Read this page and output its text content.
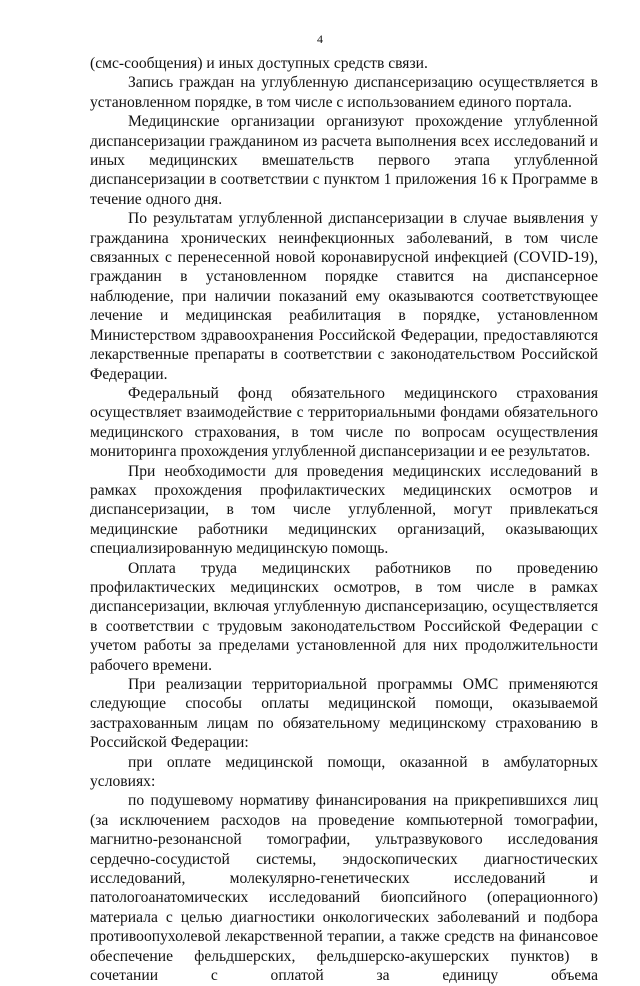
4

(смс-сообщения) и иных доступных средств связи.

Запись граждан на углубленную диспансеризацию осуществляется в установленном порядке, в том числе с использованием единого портала.

Медицинские организации организуют прохождение углубленной диспансеризации гражданином из расчета выполнения всех исследований и иных медицинских вмешательств первого этапа углубленной диспансеризации в соответствии с пунктом 1 приложения 16 к Программе в течение одного дня.

По результатам углубленной диспансеризации в случае выявления у гражданина хронических неинфекционных заболеваний, в том числе связанных с перенесенной новой коронавирусной инфекцией (COVID-19), гражданин в установленном порядке ставится на диспансерное наблюдение, при наличии показаний ему оказываются соответствующее лечение и медицинская реабилитация в порядке, установленном Министерством здравоохранения Российской Федерации, предоставляются лекарственные препараты в соответствии с законодательством Российской Федерации.

Федеральный фонд обязательного медицинского страхования осуществляет взаимодействие с территориальными фондами обязательного медицинского страхования, в том числе по вопросам осуществления мониторинга прохождения углубленной диспансеризации и ее результатов.

При необходимости для проведения медицинских исследований в рамках прохождения профилактических медицинских осмотров и диспансеризации, в том числе углубленной, могут привлекаться медицинские работники медицинских организаций, оказывающих специализированную медицинскую помощь.

Оплата труда медицинских работников по проведению профилактических медицинских осмотров, в том числе в рамках диспансеризации, включая углубленную диспансеризацию, осуществляется в соответствии с трудовым законодательством Российской Федерации с учетом работы за пределами установленной для них продолжительности рабочего времени.

При реализации территориальной программы ОМС применяются следующие способы оплаты медицинской помощи, оказываемой застрахованным лицам по обязательному медицинскому страхованию в Российской Федерации:

при оплате медицинской помощи, оказанной в амбулаторных условиях:

по подушевому нормативу финансирования на прикрепившихся лиц (за исключением расходов на проведение компьютерной томографии, магнитно-резонансной томографии, ультразвукового исследования сердечно-сосудистой системы, эндоскопических диагностических исследований, молекулярно-генетических исследований и патологоанатомических исследований биопсийного (операционного) материала с целью диагностики онкологических заболеваний и подбора противоопухолевой лекарственной терапии, а также средств на финансовое обеспечение фельдшерских, фельдшерско-акушерских пунктов) в сочетании с оплатой за единицу объема
